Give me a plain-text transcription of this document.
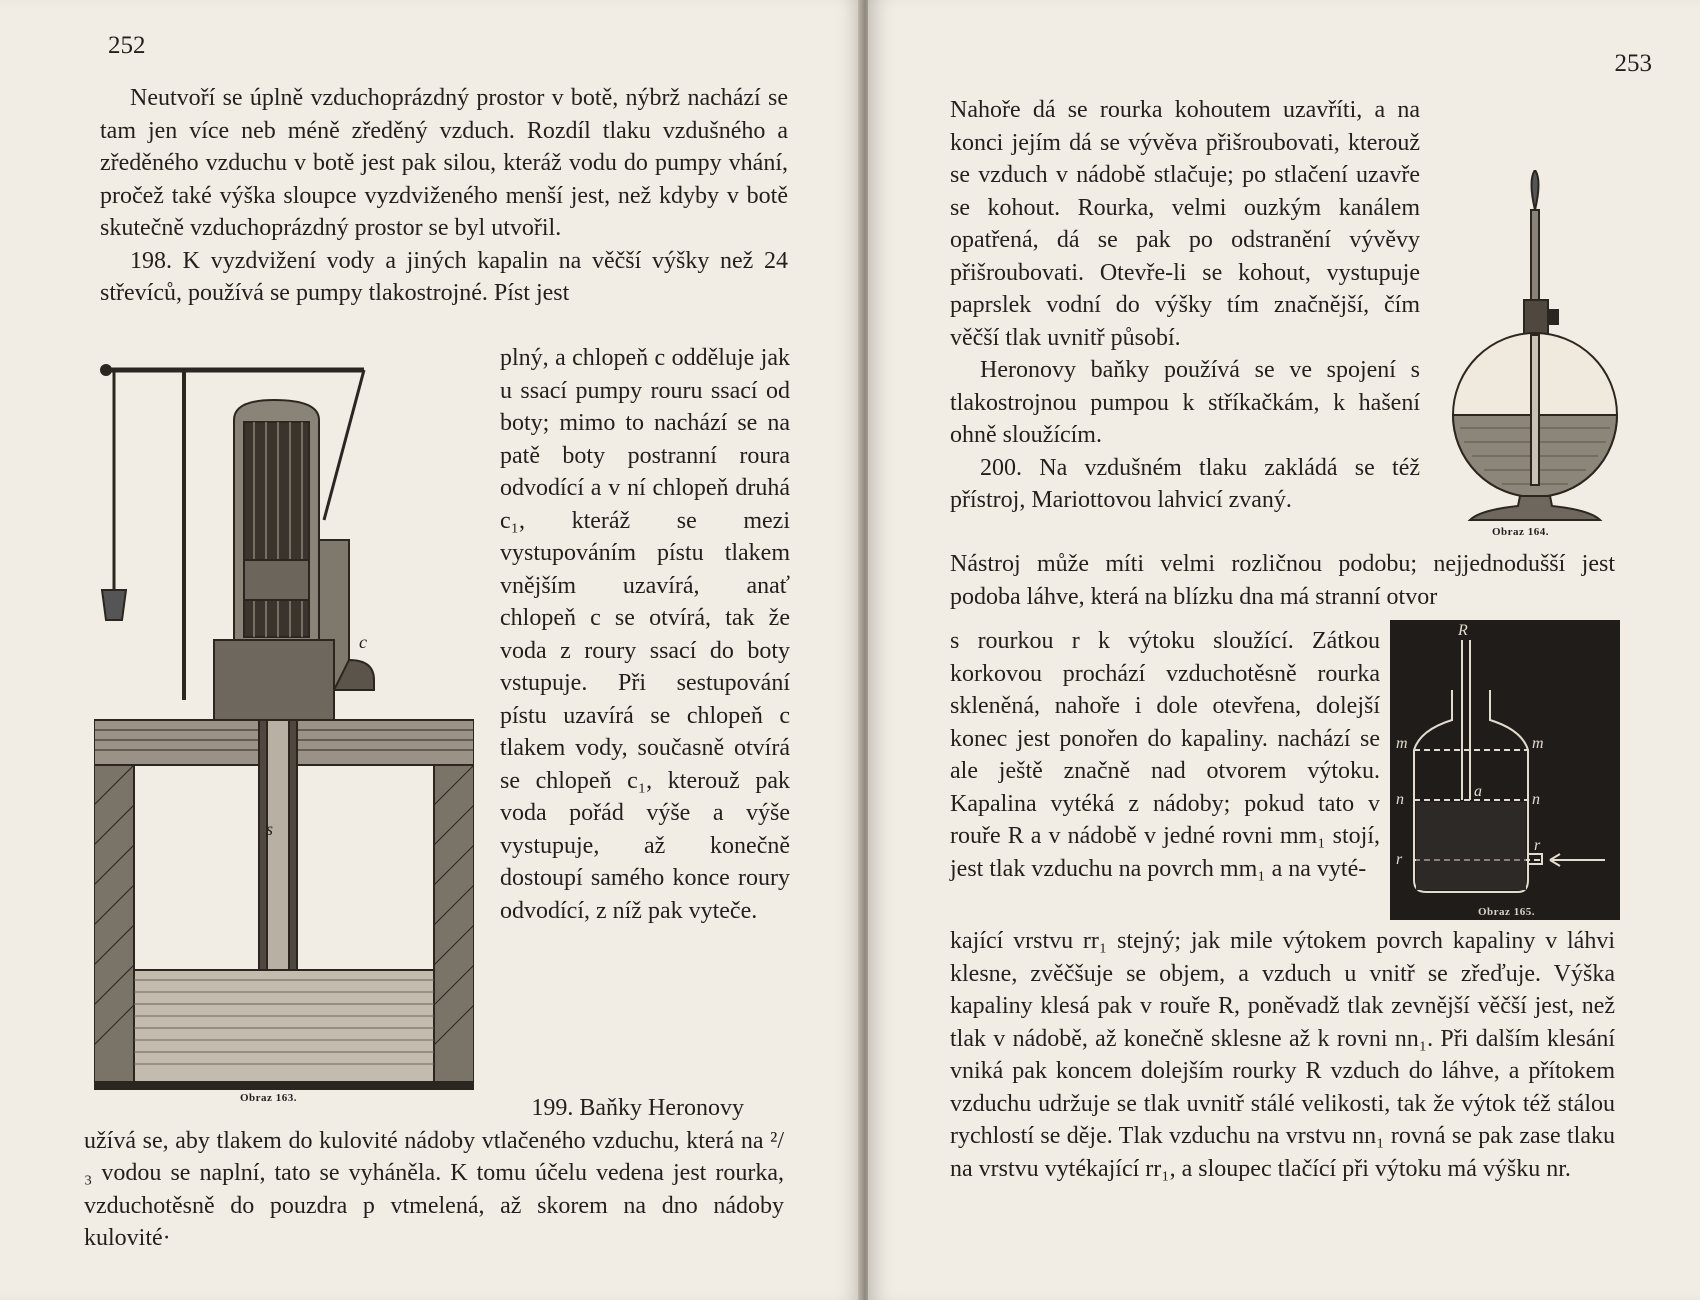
252

Neutvoří se úplně vzduchoprázdný prostor v botě, nýbrž nachází se tam jen více neb méně zředěný vzduch. Rozdíl tlaku vzdušného a zředěného vzduchu v botě jest pak silou, kteráž vodu do pumpy vhání, pročež také výška sloupce vyzdviženého menší jest, než kdyby v botě skutečně vzduchoprázdný prostor se byl utvořil.

198. K vyzdvižení vody a jiných kapalin na věčší výšky než 24 střevíců, používá se pumpy tlakostrojné. Píst jest

plný, a chlopeň c odděluje jak u ssací pumpy rouru ssací od boty; mimo to nachází se na patě boty postranní roura odvodící a v ní chlopeň druhá c₁, kteráž se mezi vystupováním pístu tlakem vnějším uzavírá, anať chlopeň c se otvírá, tak že voda z roury ssací do boty vstupuje. Při sestupování pístu uzavírá se chlopeň c tlakem vody, současně otvírá se chlopeň c₁, kterouž pak voda pořád výše a výše vystupuje, až konečně dostoupí samého konce roury odvodící, z níž pak vyteče.

c
s
Obraz 163.	199. Baňky Heronovy

užívá se, aby tlakem do kulovité nádoby vtlačeného vzduchu, která na ²/₃ vodou se naplní, tato se vyháněla. K tomu účelu vedena jest rourka, vzduchotěsně do pouzdra p vtmelená, až skorem na dno nádoby kulovité·

253

Nahoře dá se rourka kohoutem uzavříti, a na konci jejím dá se vývěva přišroubovati, kterouž se vzduch v nádobě stlačuje; po stlačení uzavře se kohout. Rourka, velmi ouzkým kanálem opatřená, dá se pak po odstranění vývěvy přišroubovati. Otevře-li se kohout, vystupuje paprslek vodní do výšky tím značnější, čím věčší tlak uvnitř působí.

Heronovy baňky používá se ve spojení s tlakostrojnou pumpou k stříkačkám, k hašení ohně sloužícím.

200. Na vzdušném tlaku zakládá se též přístroj, Mariottovou lahvicí zvaný.

Obraz 164.

Nástroj může míti velmi rozličnou podobu; nejjednodušší jest podoba láhve, která na blízku dna má stranní otvor

s rourkou r k výtoku sloužící. Zátkou korkovou prochází vzduchotěsně rourka skleněná, nahoře i dole otevřena, dolejší konec jest ponořen do kapaliny. nachází se ale ještě značně nad otvorem výtoku. Kapalina vytéká z nádoby; pokud tato v rouře R a v nádobě v jedné rovni mm₁ stojí, jest tlak vzduchu na povrch mm₁ a na vyté-

R
m	m
n	n
a
r
r
Obraz 165.

kající vrstvu rr₁ stejný; jak mile výtokem povrch kapaliny v láhvi klesne, zvěčšuje se objem, a vzduch u vnitř se zřeďuje. Výška kapaliny klesá pak v rouře R, poněvadž tlak zevnější věčší jest, než tlak v nádobě, až konečně sklesne až k rovni nn₁. Při dalším klesání vniká pak koncem dolejším rourky R vzduch do láhve, a přítokem vzduchu udržuje se tlak uvnitř stálé velikosti, tak že výtok též stálou rychlostí se děje. Tlak vzduchu na vrstvu nn₁ rovná se pak zase tlaku na vrstvu vytékající rr₁, a sloupec tlačící při výtoku má výšku nr.
